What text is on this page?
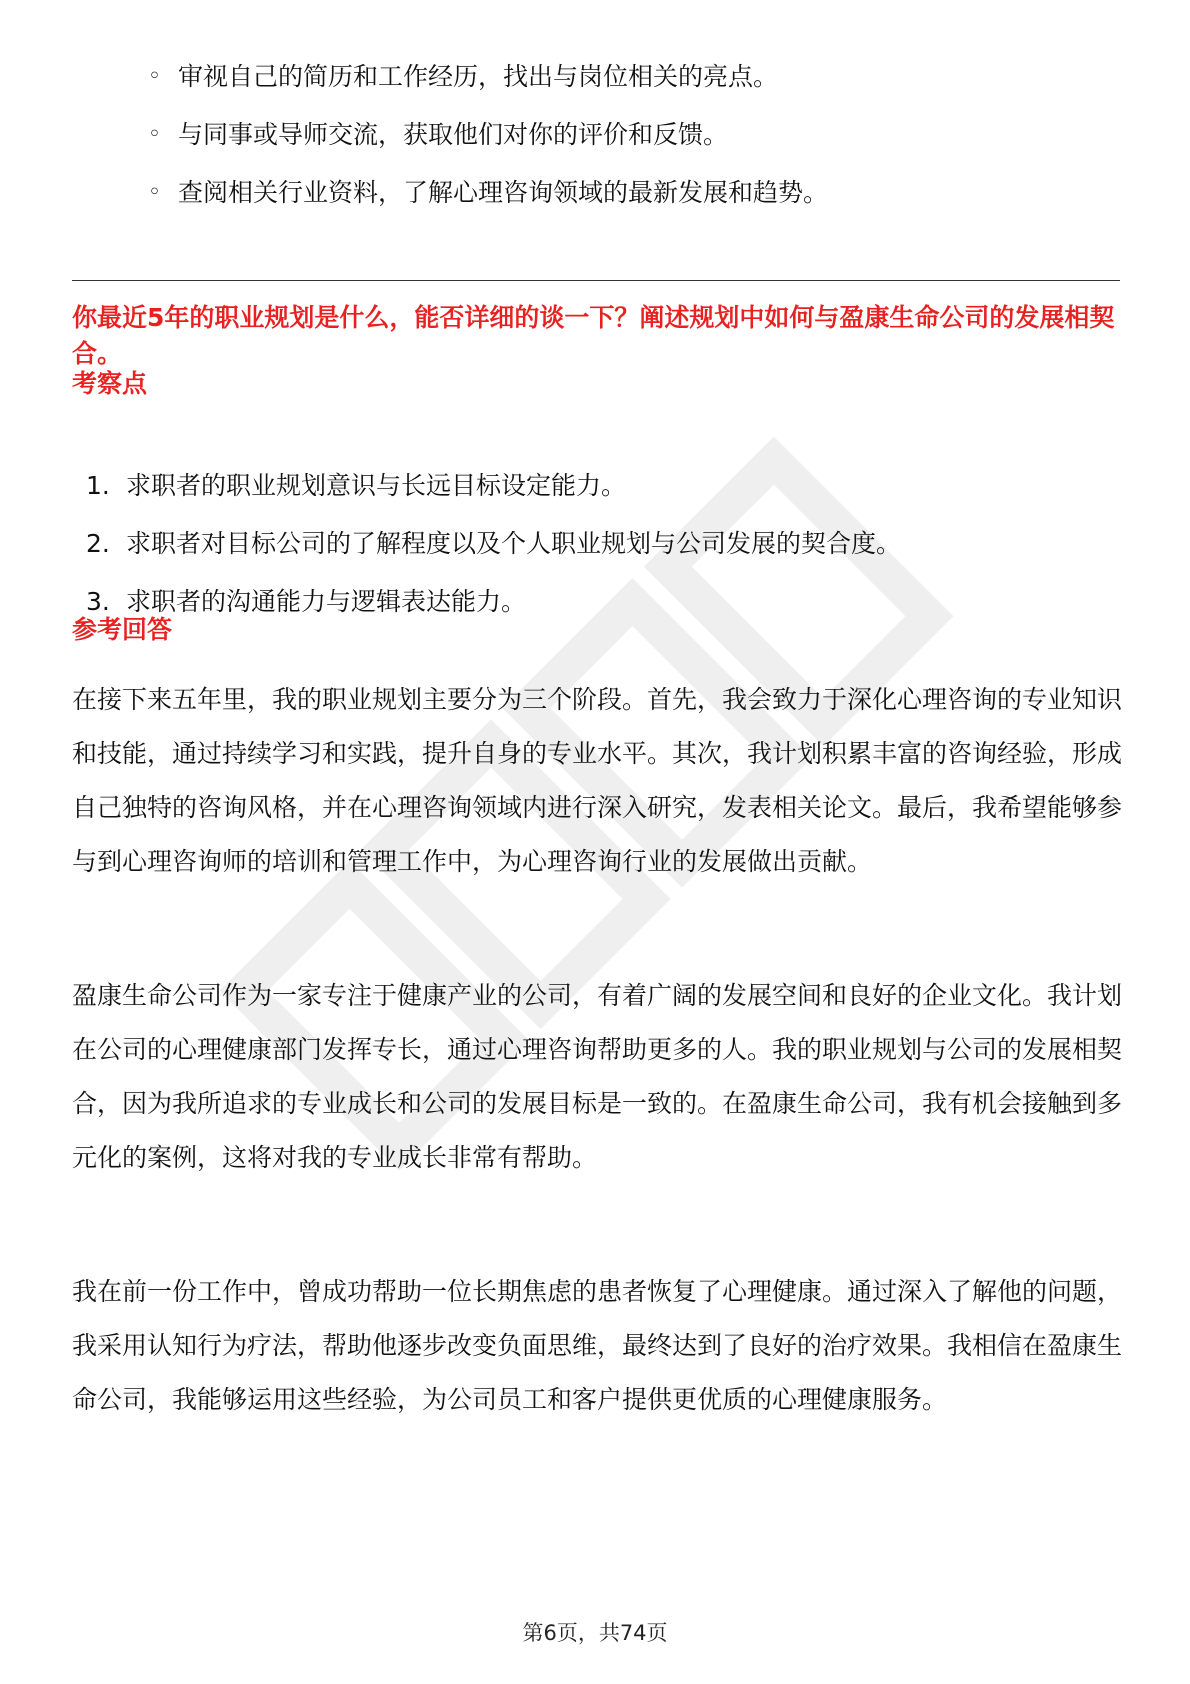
◦ 审视自己的简历和工作经历，找出与岗位相关的亮点。
◦ 与同事或导师交流，获取他们对你的评价和反馈。
◦ 查阅相关行业资料，了解心理咨询领域的最新发展和趋势。
你最近5年的职业规划是什么，能否详细的谈一下？阐述规划中如何与盈康生命公司的发展相契合。
考察点
1. 求职者的职业规划意识与长远目标设定能力。
2. 求职者对目标公司的了解程度以及个人职业规划与公司发展的契合度。
3. 求职者的沟通能力与逻辑表达能力。
参考回答

在接下来五年里，我的职业规划主要分为三个阶段。首先，我会致力于深化心理咨询的专业知识和技能，通过持续学习和实践，提升自身的专业水平。其次，我计划积累丰富的咨询经验，形成自己独特的咨询风格，并在心理咨询领域内进行深入研究，发表相关论文。最后，我希望能够参与到心理咨询师的培训和管理工作中，为心理咨询行业的发展做出贡献。

盈康生命公司作为一家专注于健康产业的公司，有着广阔的发展空间和良好的企业文化。我计划在公司的心理健康部门发挥专长，通过心理咨询帮助更多的人。我的职业规划与公司的发展相契合，因为我所追求的专业成长和公司的发展目标是一致的。在盈康生命公司，我有机会接触到多元化的案例，这将对我的专业成长非常有帮助。

我在前一份工作中，曾成功帮助一位长期焦虑的患者恢复了心理健康。通过深入了解他的问题，我采用认知行为疗法，帮助他逐步改变负面思维，最终达到了良好的治疗效果。我相信在盈康生命公司，我能够运用这些经验，为公司员工和客户提供更优质的心理健康服务。

第6页，共74页
